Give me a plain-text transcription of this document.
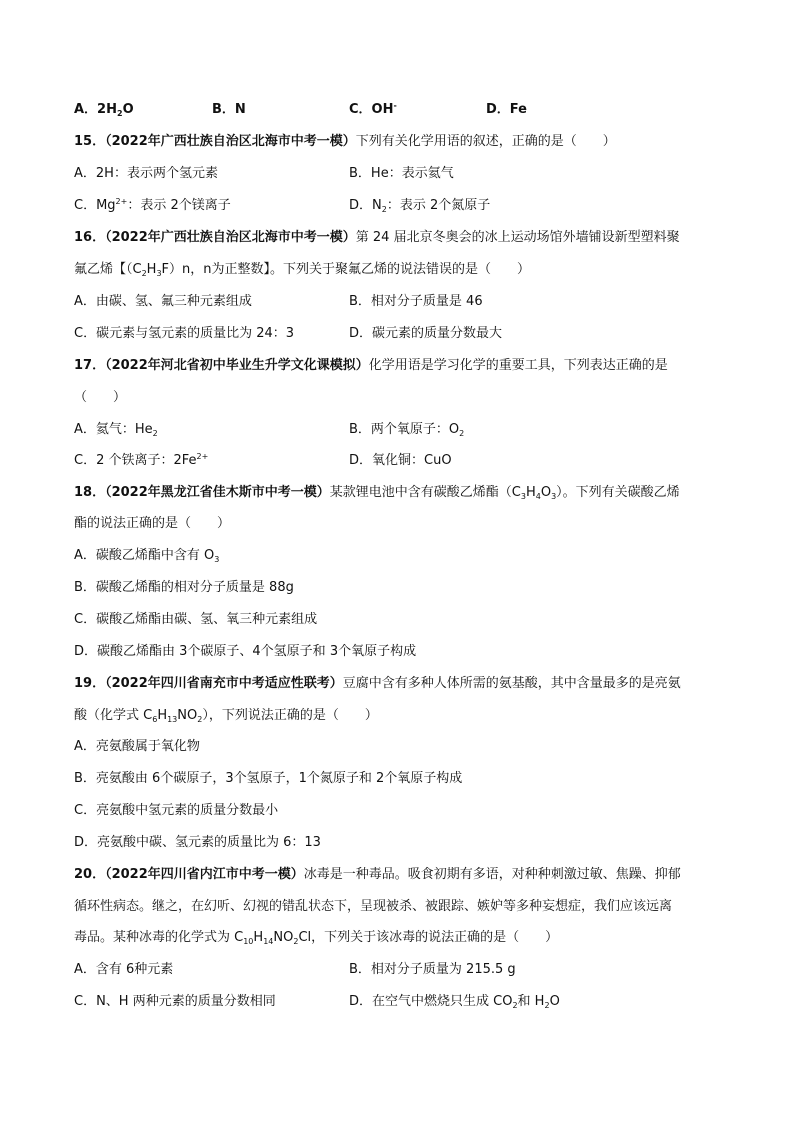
A．$2H_2O$	B．N	C．OH-	D．Fe
15．（2022年广西壮族自治区北海市中考一模）下列有关化学用语的叙述，正确的是（　　）
A．2H：表示两个氢元素	B．He：表示氦气
C．$Mg^{2+}$：表示 2个镁离子	D．$N_2$：表示 2个氮原子
16．（2022年广西壮族自治区北海市中考一模）第 24 届北京冬奥会的冰上运动场馆外墙铺设新型塑料聚
氟乙烯【$(C_2H_3F)n$，n为正整数】。下列关于聚氟乙烯的说法错误的是（　　）
A．由碳、氢、氟三种元素组成	B．相对分子质量是 46
C．碳元素与氢元素的质量比为 24：3	D．碳元素的质量分数最大
17．（2022年河北省初中毕业生升学文化课模拟）化学用语是学习化学的重要工具，下列表达正确的是
（　　）
A．氦气：$He_2$	B．两个氧原子：$O_2$
C．2 个铁离子：$2Fe^{2+}$	D．氧化铜：CuO
18．（2022年黑龙江省佳木斯市中考一模）某款锂电池中含有碳酸乙烯酯$(C_3H_4O_3)$。下列有关碳酸乙烯
酯的说法正确的是（　　）
A．碳酸乙烯酯中含有 $O_3$
B．碳酸乙烯酯的相对分子质量是 88g
C．碳酸乙烯酯由碳、氢、氧三种元素组成
D．碳酸乙烯酯由 3个碳原子、4个氢原子和 3个氧原子构成
19．（2022年四川省南充市中考适应性联考）豆腐中含有多种人体所需的氨基酸，其中含量最多的是亮氨
酸（化学式 $C_6H_{13}NO_2$），下列说法正确的是（　　）
A．亮氨酸属于氧化物
B．亮氨酸由 6个碳原子，3个氢原子，1个氮原子和 2个氧原子构成
C．亮氨酸中氢元素的质量分数最小
D．亮氨酸中碳、氢元素的质量比为 6：13
20．（2022年四川省内江市中考一模）冰毒是一种毒品。吸食初期有多语，对种种刺激过敏、焦躁、抑郁
循环性病态。继之，在幻听、幻视的错乱状态下，呈现被杀、被跟踪、嫉妒等多种妄想症，我们应该远离
毒品。某种冰毒的化学式为 $C_{10}H_{14}NO_2Cl$，下列关于该冰毒的说法正确的是（　　）
A．含有 6种元素	B．相对分子质量为 215.5 g
C．N、H 两种元素的质量分数相同	D．在空气中燃烧只生成 $CO_2$和 $H_2O$
